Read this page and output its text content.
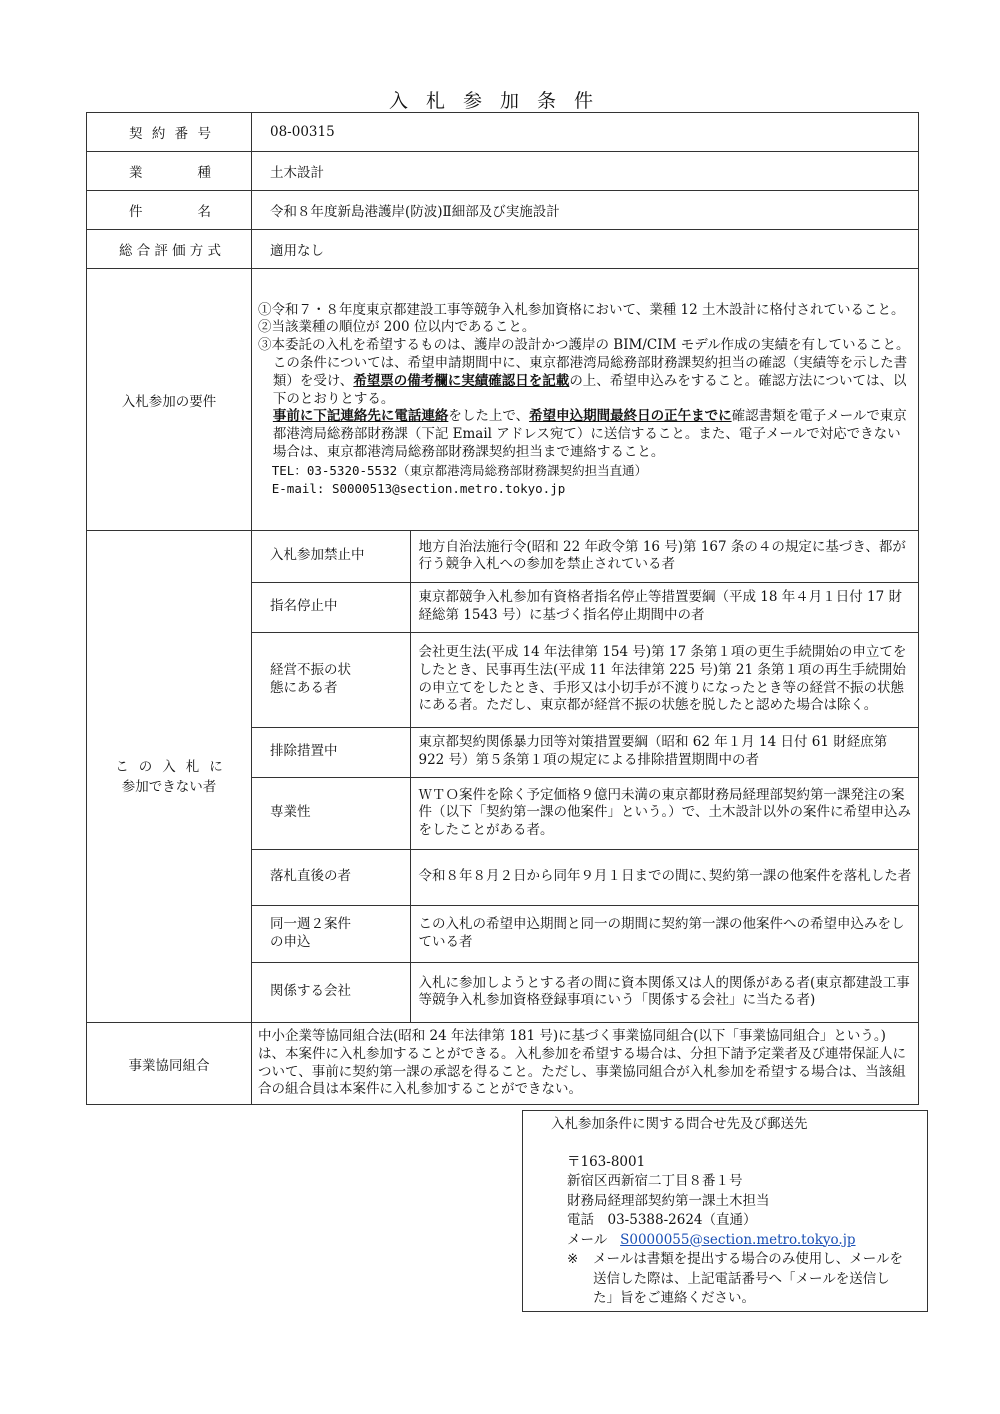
入札参加条件
契約番号	08-00315
業種	土木設計
件名	令和８年度新島港護岸(防波)Ⅱ細部及び実施設計
総合評価方式	適用なし
入札参加の要件	

①令和７・８年度東京都建設工事等競争入札参加資格において、業種 12 土木設計に格付されていること。

②当該業種の順位が 200 位以内であること。

③本委託の入札を希望するものは、護岸の設計かつ護岸の BIM/CIM モデル作成の実績を有していること。

この条件については、希望申請期間中に、東京都港湾局総務部財務課契約担当の確認（実績等を示した書類）を受け、希望票の備考欄に実績確認日を記載の上、希望申込みをすること。確認方法については、以下のとおりとする。

事前に下記連絡先に電話連絡をした上で、希望申込期間最終日の正午までに確認書類を電子メールで東京都港湾局総務部財務課（下記 Email アドレス宛て）に送信すること。また、電子メールで対応できない場合は、東京都港湾局総務部財務課契約担当まで連絡すること。

TEL：03-5320-5532（東京都港湾局総務部財務課契約担当直通）

E-mail: S0000513@section.metro.tokyo.jp

この入札に
参加できない者

入札参加禁止中	地方自治法施行令(昭和 22 年政令第 16 号)第 167 条の４の規定に基づき、都が行う競争入札への参加を禁止されている者
指名停止中	東京都競争入札参加有資格者指名停止等措置要綱（平成 18 年４月１日付 17 財経総第 1543 号）に基づく指名停止期間中の者
経営不振の状態にある者	会社更生法(平成 14 年法律第 154 号)第 17 条第１項の更生手続開始の申立てをしたとき、民事再生法(平成 11 年法律第 225 号)第 21 条第１項の再生手続開始の申立てをしたとき、手形又は小切手が不渡りになったとき等の経営不振の状態にある者。ただし、東京都が経営不振の状態を脱したと認めた場合は除く。
排除措置中	東京都契約関係暴力団等対策措置要綱（昭和 62 年１月 14 日付 61 財経庶第 922 号）第５条第１項の規定による排除措置期間中の者
専業性	ＷＴＯ案件を除く予定価格９億円未満の東京都財務局経理部契約第一課発注の案件（以下「契約第一課の他案件」という。）で、土木設計以外の案件に希望申込みをしたことがある者。
落札直後の者	令和８年８月２日から同年９月１日までの間に､契約第一課の他案件を落札した者
同一週２案件の申込	この入札の希望申込期間と同一の期間に契約第一課の他案件への希望申込みをしている者
関係する会社	入札に参加しようとする者の間に資本関係又は人的関係がある者(東京都建設工事等競争入札参加資格登録事項にいう「関係する会社」に当たる者)

事業協同組合	中小企業等協同組合法(昭和 24 年法律第 181 号)に基づく事業協同組合(以下「事業協同組合」という。)は、本案件に入札参加することができる。入札参加を希望する場合は、分担下請予定業者及び連帯保証人について、事前に契約第一課の承認を得ること。ただし、事業協同組合が入札参加を希望する場合は、当該組合の組合員は本案件に入札参加することができない。
入札参加条件に関する問合せ先及び郵送先
〒163-8001
新宿区西新宿二丁目８番１号
財務局経理部契約第一課土木担当
電話　03-5388-2624（直通）
メール S0000055@section.metro.tokyo.jp
※	メールは書類を提出する場合のみ使用し、メールを送信した際は、上記電話番号へ「メールを送信した」旨をご連絡ください。
